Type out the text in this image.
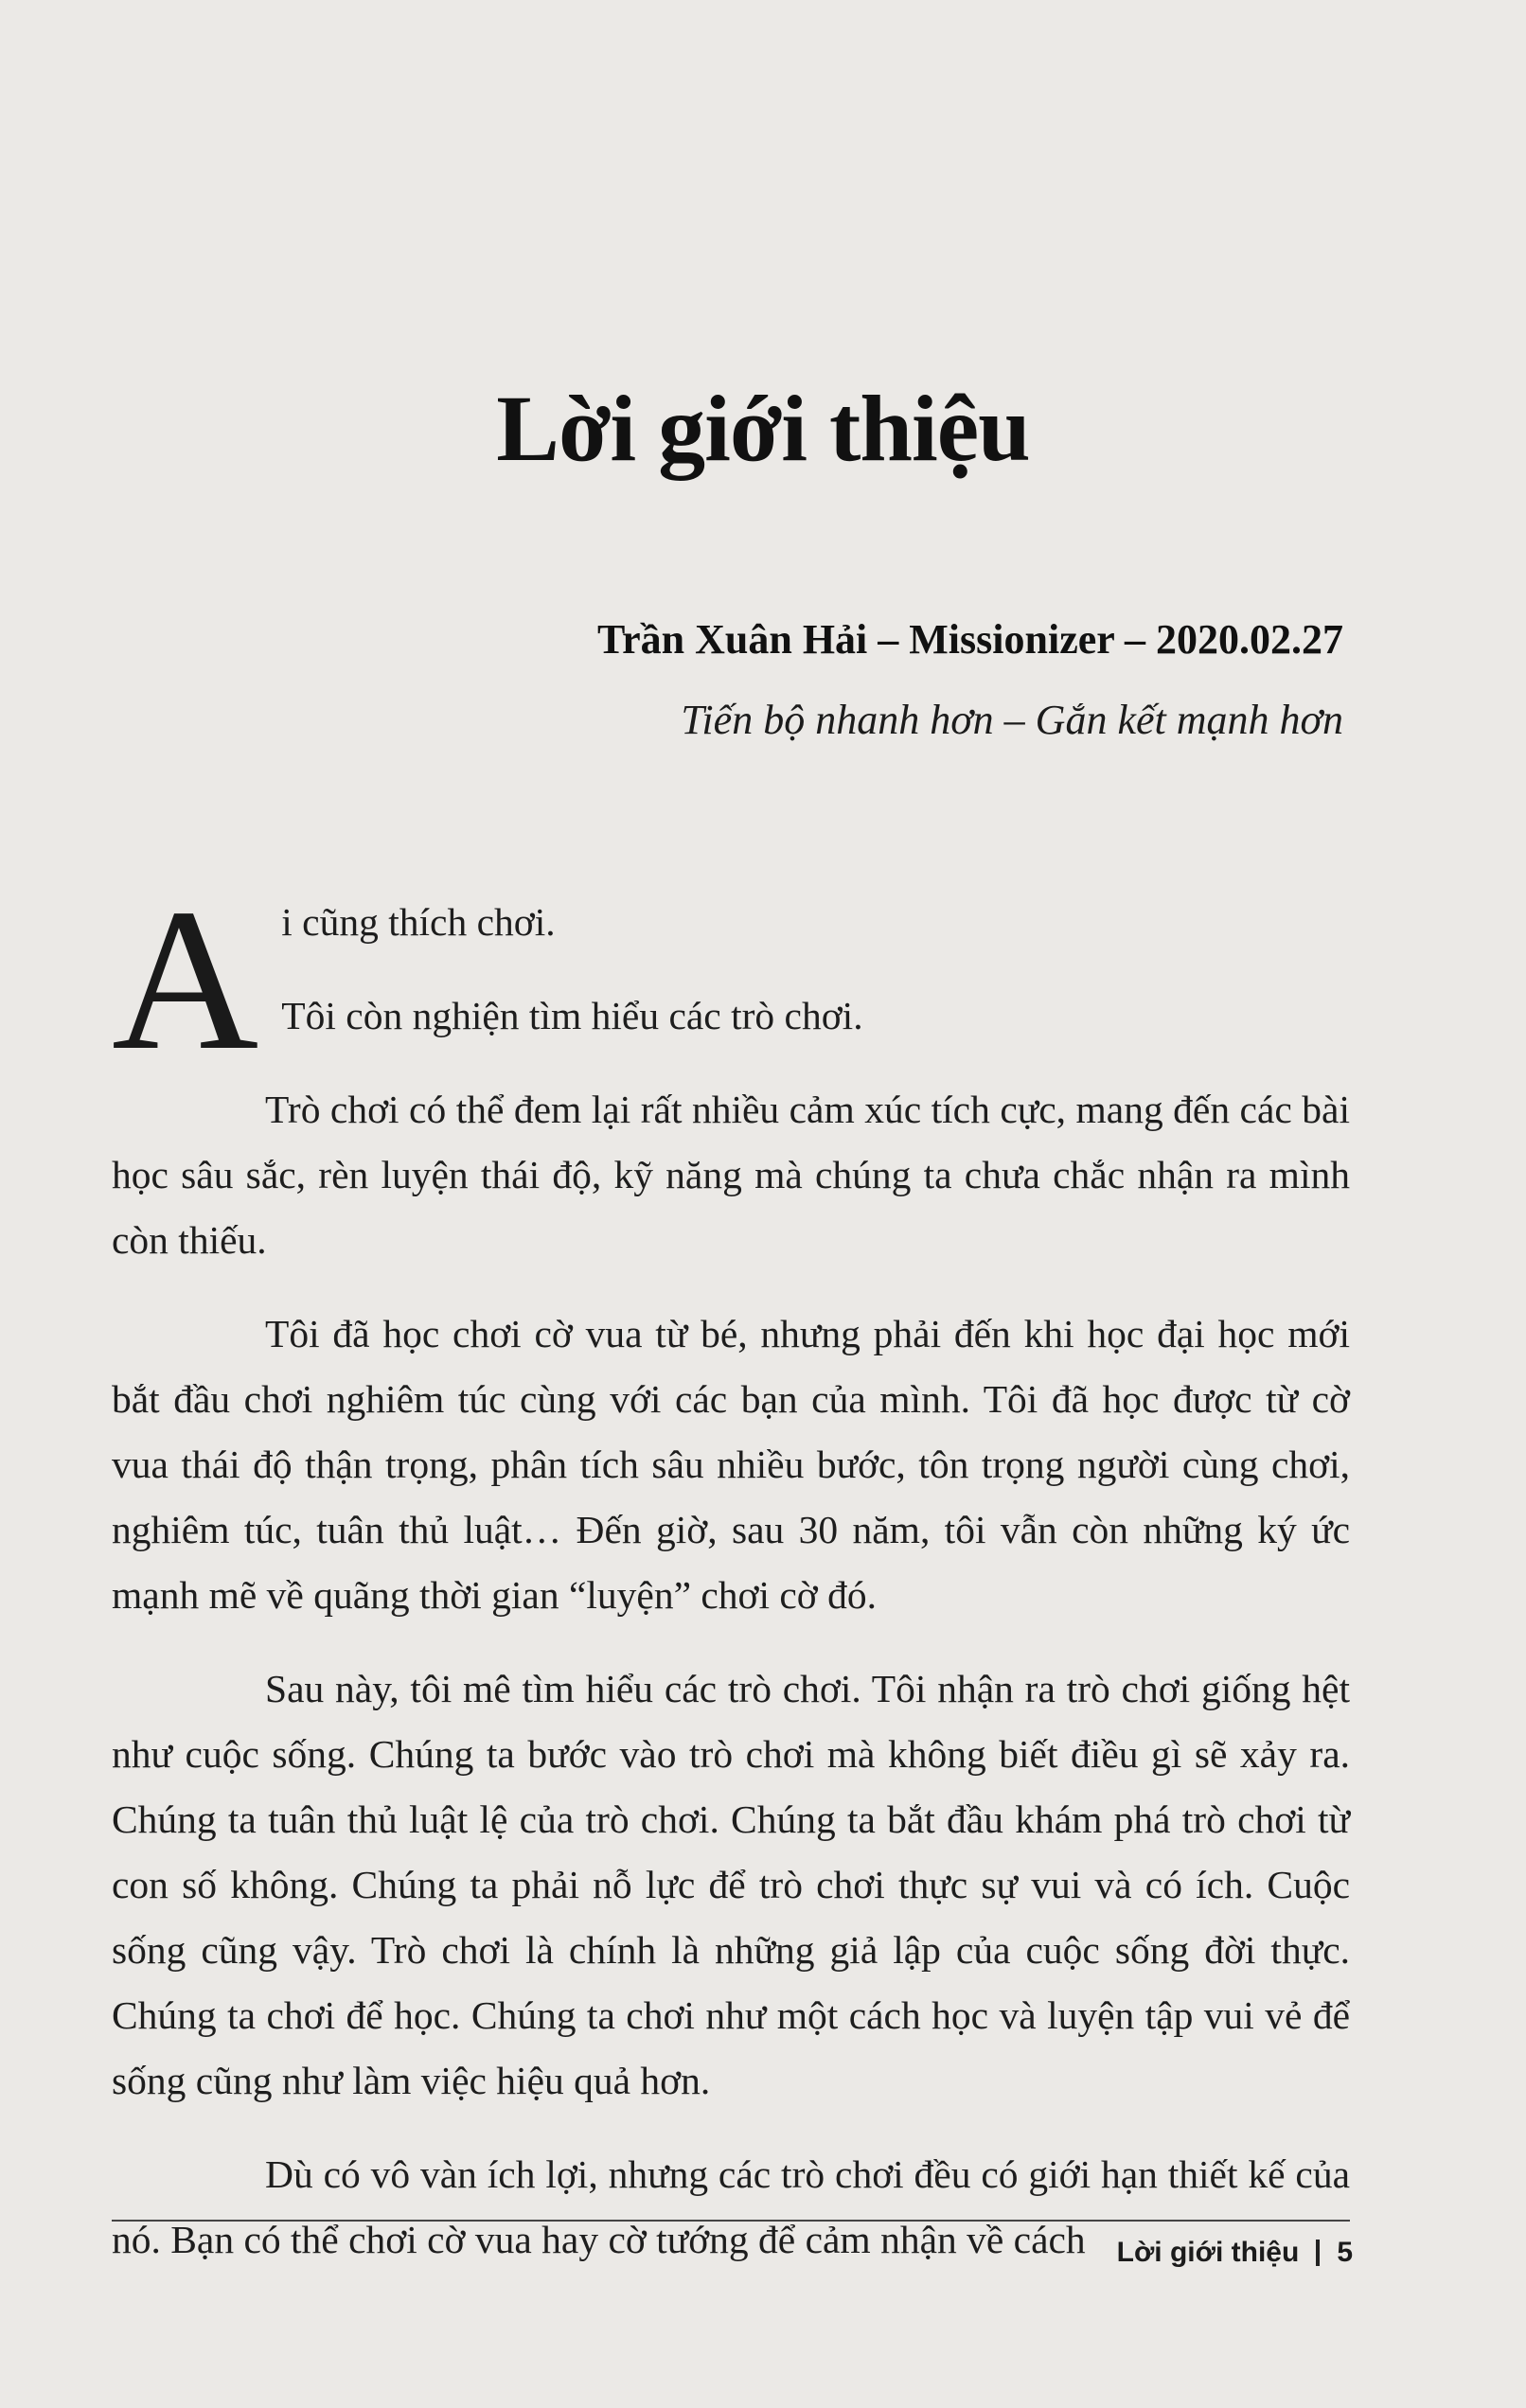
Lời giới thiệu
Trần Xuân Hải – Missionizer – 2020.02.27
Tiến bộ nhanh hơn – Gắn kết mạnh hơn
A i cũng thích chơi.

Tôi còn nghiện tìm hiểu các trò chơi.

Trò chơi có thể đem lại rất nhiều cảm xúc tích cực, mang đến các bài học sâu sắc, rèn luyện thái độ, kỹ năng mà chúng ta chưa chắc nhận ra mình còn thiếu.

Tôi đã học chơi cờ vua từ bé, nhưng phải đến khi học đại học mới bắt đầu chơi nghiêm túc cùng với các bạn của mình. Tôi đã học được từ cờ vua thái độ thận trọng, phân tích sâu nhiều bước, tôn trọng người cùng chơi, nghiêm túc, tuân thủ luật… Đến giờ, sau 30 năm, tôi vẫn còn những ký ức mạnh mẽ về quãng thời gian “luyện” chơi cờ đó.

Sau này, tôi mê tìm hiểu các trò chơi. Tôi nhận ra trò chơi giống hệt như cuộc sống. Chúng ta bước vào trò chơi mà không biết điều gì sẽ xảy ra. Chúng ta tuân thủ luật lệ của trò chơi. Chúng ta bắt đầu khám phá trò chơi từ con số không. Chúng ta phải nỗ lực để trò chơi thực sự vui và có ích. Cuộc sống cũng vậy. Trò chơi là chính là những giả lập của cuộc sống đời thực. Chúng ta chơi để học. Chúng ta chơi như một cách học và luyện tập vui vẻ để sống cũng như làm việc hiệu quả hơn.

Dù có vô vàn ích lợi, nhưng các trò chơi đều có giới hạn thiết kế của nó. Bạn có thể chơi cờ vua hay cờ tướng để cảm nhận về cách	Lời giới thiệu 5
